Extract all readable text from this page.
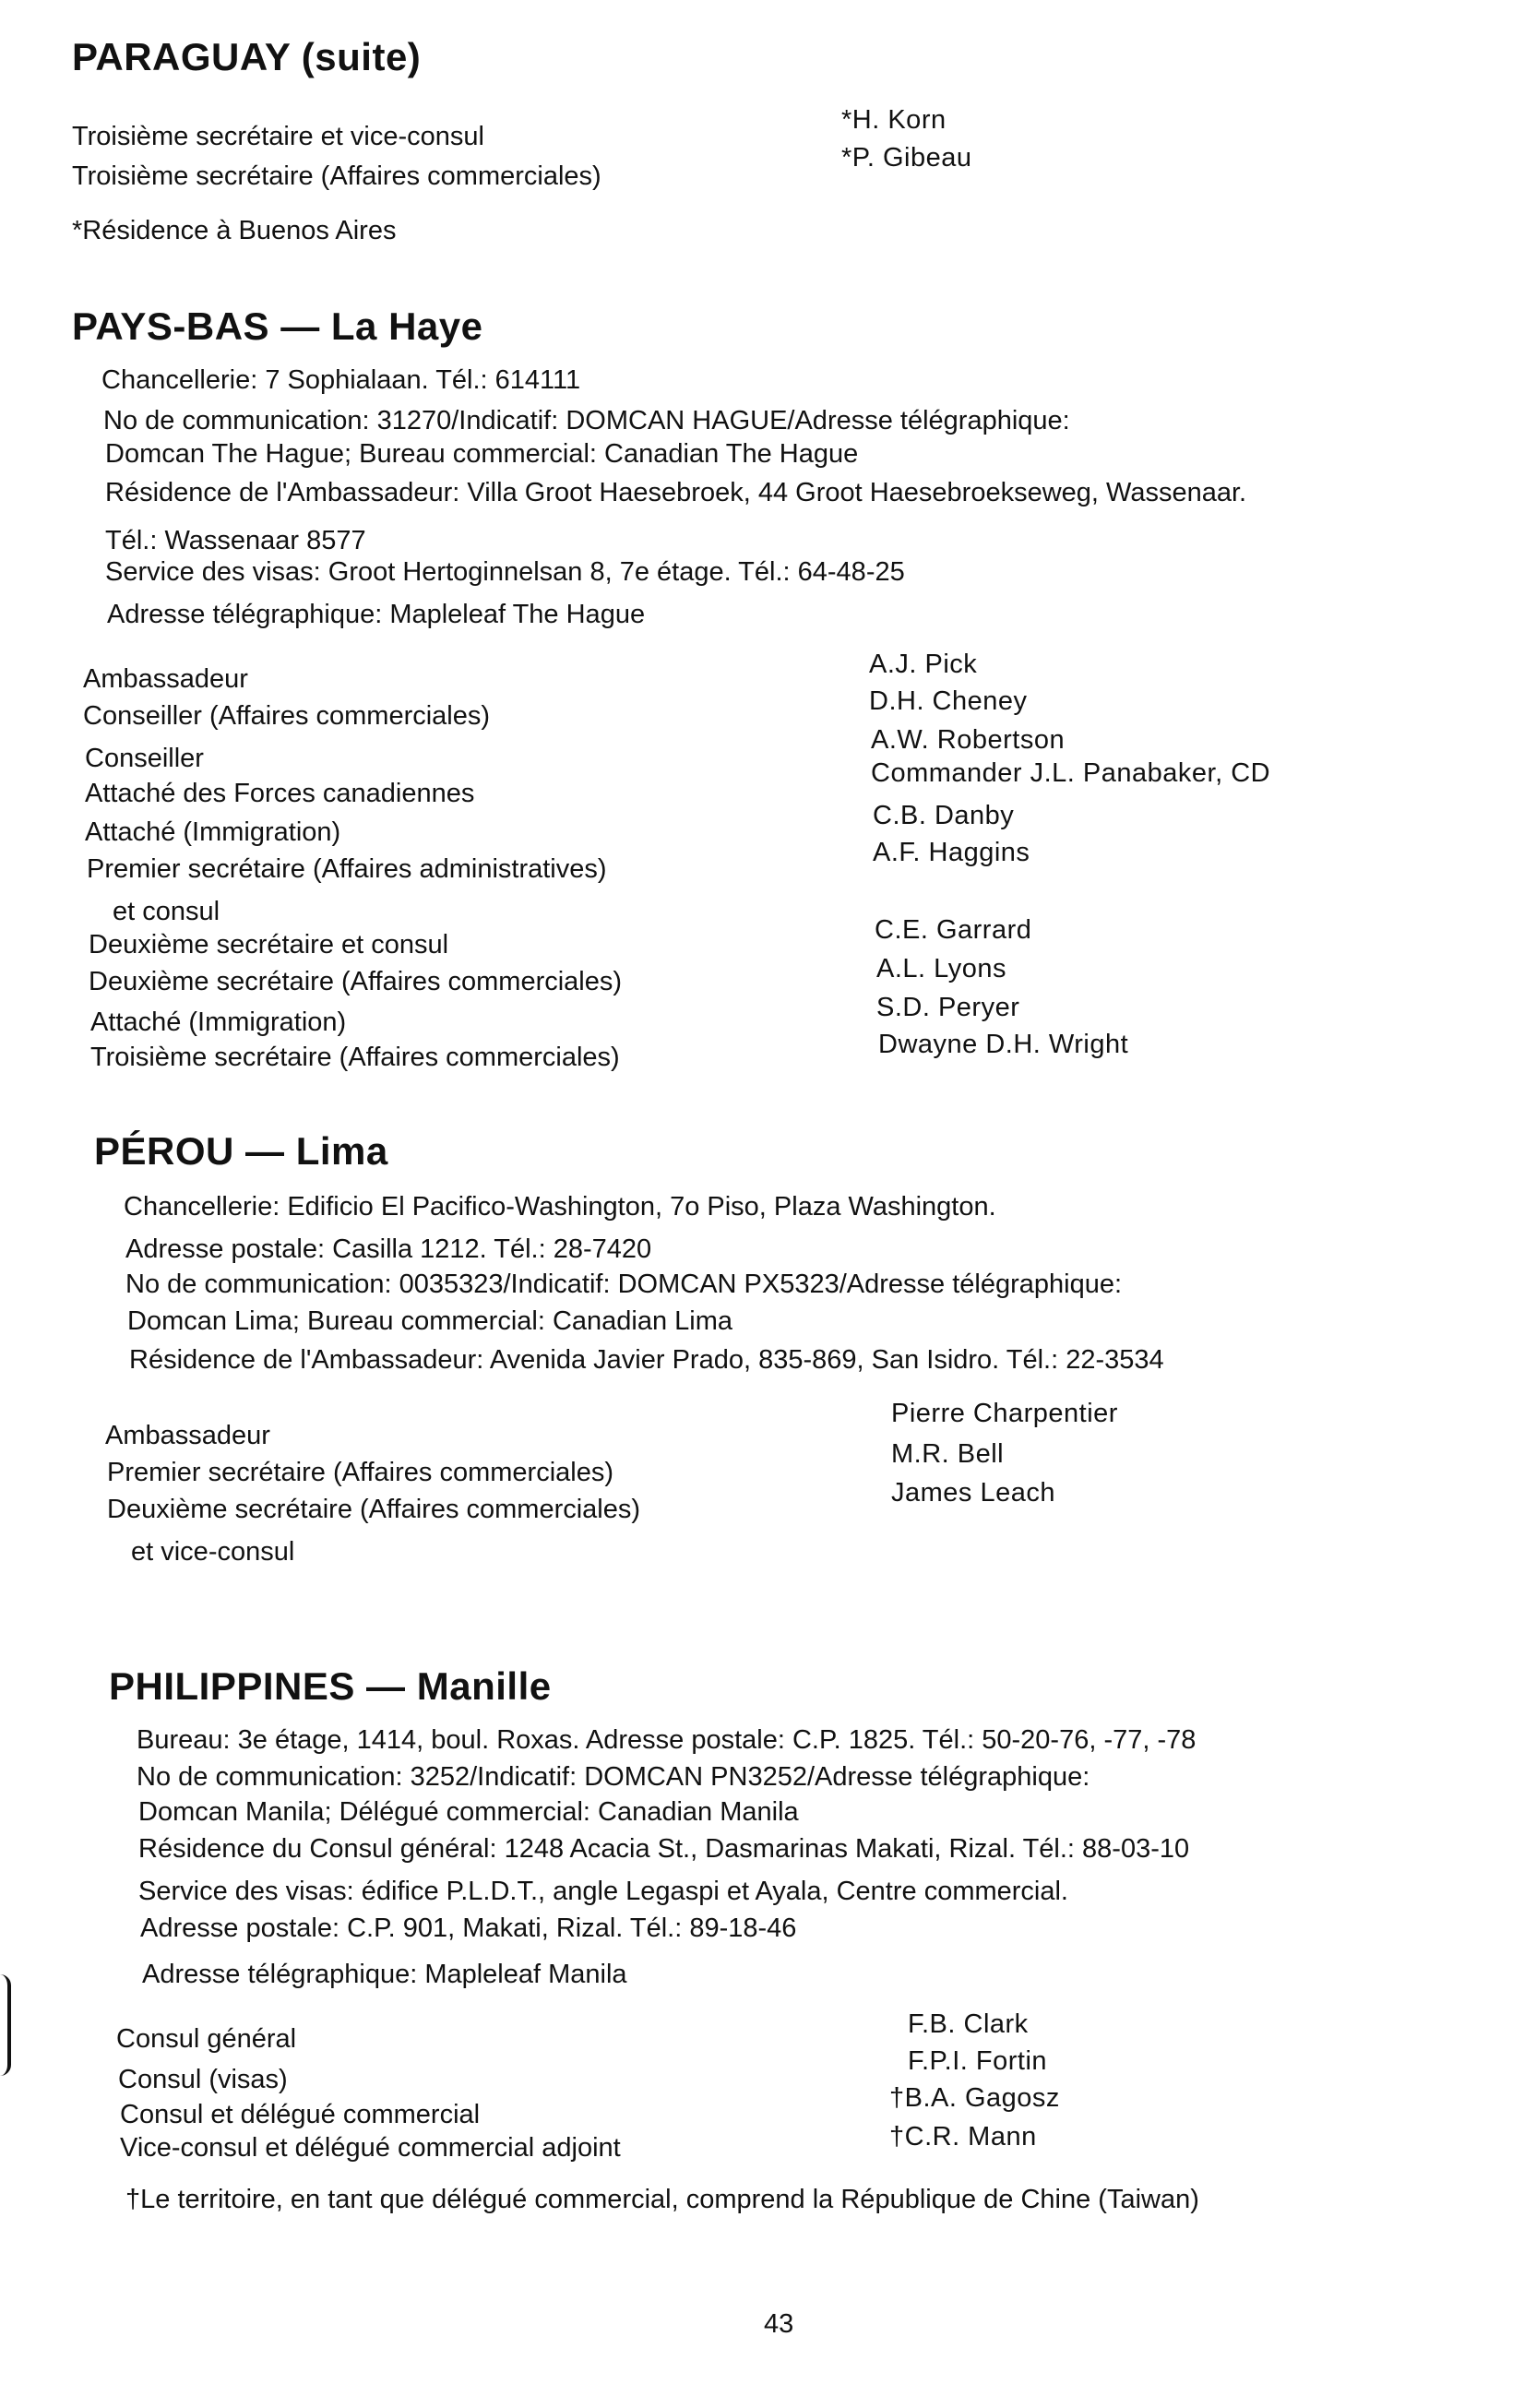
PARAGUAY (suite)
Troisième secrétaire et vice-consul
*H. Korn
Troisième secrétaire (Affaires commerciales)
*P. Gibeau
*Résidence à Buenos Aires
PAYS-BAS — La Haye
Chancellerie: 7 Sophialaan. Tél.: 614111
No de communication: 31270/Indicatif: DOMCAN HAGUE/Adresse télégraphique:
Domcan The Hague; Bureau commercial: Canadian The Hague
Résidence de l'Ambassadeur: Villa Groot Haesebroek, 44 Groot Haesebroekseweg, Wassenaar.
Tél.: Wassenaar 8577
Service des visas: Groot Hertoginnelsan 8, 7e étage. Tél.: 64-48-25
Adresse télégraphique: Mapleleaf The Hague
Ambassadeur
Conseiller (Affaires commerciales)
Conseiller
Attaché des Forces canadiennes
Attaché (Immigration)
Premier secrétaire (Affaires administratives)
et consul
Deuxième secrétaire et consul
Deuxième secrétaire (Affaires commerciales)
Attaché (Immigration)
Troisième secrétaire (Affaires commerciales)
A.J. Pick
D.H. Cheney
A.W. Robertson
Commander J.L. Panabaker, CD
C.B. Danby
A.F. Haggins
C.E. Garrard
A.L. Lyons
S.D. Peryer
Dwayne D.H. Wright
PÉROU — Lima
Chancellerie: Edificio El Pacifico-Washington, 7o Piso, Plaza Washington.
Adresse postale: Casilla 1212. Tél.: 28-7420
No de communication: 0035323/Indicatif: DOMCAN PX5323/Adresse télégraphique:
Domcan Lima; Bureau commercial: Canadian Lima
Résidence de l'Ambassadeur: Avenida Javier Prado, 835-869, San Isidro. Tél.: 22-3534
Ambassadeur
Premier secrétaire (Affaires commerciales)
Deuxième secrétaire (Affaires commerciales)
et vice-consul
Pierre Charpentier
M.R. Bell
James Leach
PHILIPPINES — Manille
Bureau: 3e étage, 1414, boul. Roxas. Adresse postale: C.P. 1825. Tél.: 50-20-76, -77, -78
No de communication: 3252/Indicatif: DOMCAN PN3252/Adresse télégraphique:
Domcan Manila; Délégué commercial: Canadian Manila
Résidence du Consul général: 1248 Acacia St., Dasmarinas Makati, Rizal. Tél.: 88-03-10
Service des visas: édifice P.L.D.T., angle Legaspi et Ayala, Centre commercial.
Adresse postale: C.P. 901, Makati, Rizal. Tél.: 89-18-46
Adresse télégraphique: Mapleleaf Manila
Consul général
Consul (visas)
Consul et délégué commercial
Vice-consul et délégué commercial adjoint
F.B. Clark
F.P.I. Fortin
†B.A. Gagosz
†C.R. Mann
†Le territoire, en tant que délégué commercial, comprend la République de Chine (Taiwan)
43
